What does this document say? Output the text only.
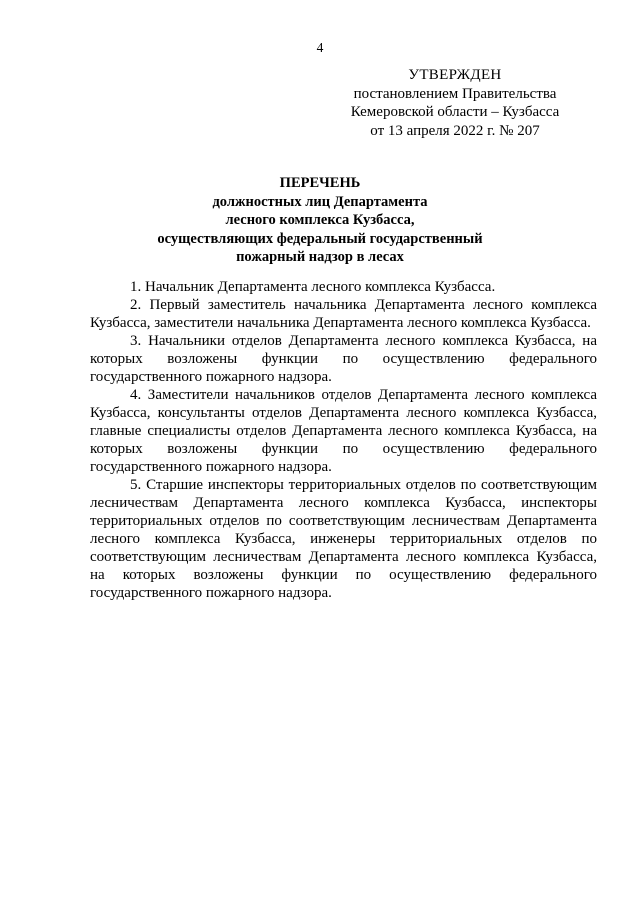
4
УТВЕРЖДЕН
постановлением Правительства
Кемеровской области – Кузбасса
от 13 апреля 2022 г. № 207
ПЕРЕЧЕНЬ
должностных лиц Департамента
лесного комплекса Кузбасса,
осуществляющих федеральный государственный
пожарный надзор в лесах

1. Начальник Департамента лесного комплекса Кузбасса.

2. Первый заместитель начальника Департамента лесного комплекса Кузбасса, заместители начальника Департамента лесного комплекса Кузбасса.

3. Начальники отделов Департамента лесного комплекса Кузбасса, на которых возложены функции по осуществлению федерального государственного пожарного надзора.

4. Заместители начальников отделов Департамента лесного комплекса Кузбасса, консультанты отделов Департамента лесного комплекса Кузбасса, главные специалисты отделов Департамента лесного комплекса Кузбасса, на которых возложены функции по осуществлению федерального государственного пожарного надзора.

5. Старшие инспекторы территориальных отделов по соответствующим лесничествам Департамента лесного комплекса Кузбасса, инспекторы территориальных отделов по соответствующим лесничествам Департамента лесного комплекса Кузбасса, инженеры территориальных отделов по соответствующим лесничествам Департамента лесного комплекса Кузбасса, на которых возложены функции по осуществлению федерального государственного пожарного надзора.
